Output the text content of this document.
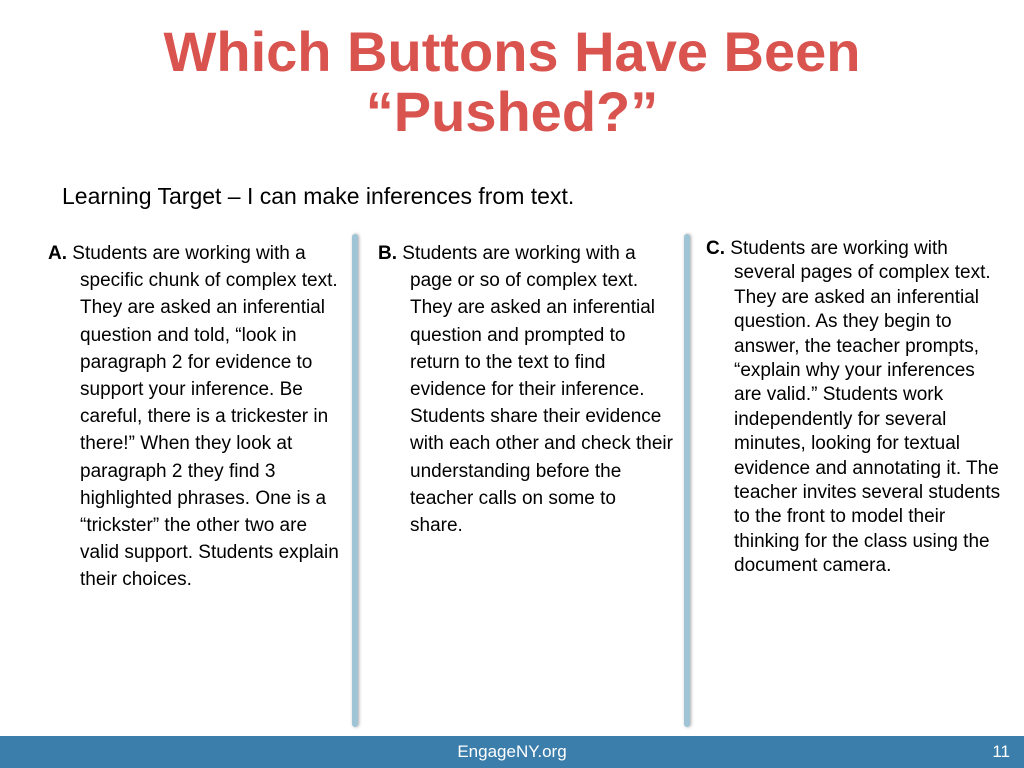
Which Buttons Have Been
“Pushed?”

Learning Target – I can make inferences from text.

A. Students are working with a specific chunk of complex text. They are asked an inferential question and told, “look in paragraph 2 for evidence to support your inference. Be careful, there is a trickester in there!” When they look at paragraph 2 they find 3 highlighted phrases. One is a “trickster” the other two are valid support. Students explain their choices.

B. Students are working with a page or so of complex text. They are asked an inferential question and prompted to return to the text to find evidence for their inference. Students share their evidence with each other and check their understanding before the teacher calls on some to share.

C. Students are working with several pages of complex text. They are asked an inferential question. As they begin to answer, the teacher prompts, “explain why your inferences are valid.” Students work independently for several minutes, looking for textual evidence and annotating it. The teacher invites several students to the front to model their thinking for the class using the document camera.

EngageNY.org	11
